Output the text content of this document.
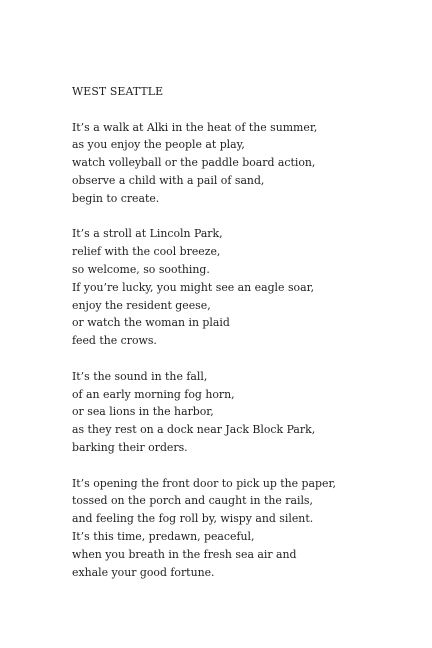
WEST SEATTLE
It’s a walk at Alki in the heat of the summer,
as you enjoy the people at play,
watch volleyball or the paddle board action,
observe a child with a pail of sand,
begin to create.
It’s a stroll at Lincoln Park,
relief with the cool breeze,
so welcome, so soothing.
If you’re lucky, you might see an eagle soar,
enjoy the resident geese,
or watch the woman in plaid
feed the crows.
It’s the sound in the fall,
of an early morning fog horn,
or sea lions in the harbor,
as they rest on a dock near Jack Block Park,
barking their orders.
It’s opening the front door to pick up the paper,
tossed on the porch and caught in the rails,
and feeling the fog roll by, wispy and silent.
It’s this time, predawn, peaceful,
when you breath in the fresh sea air and
exhale your good fortune.
